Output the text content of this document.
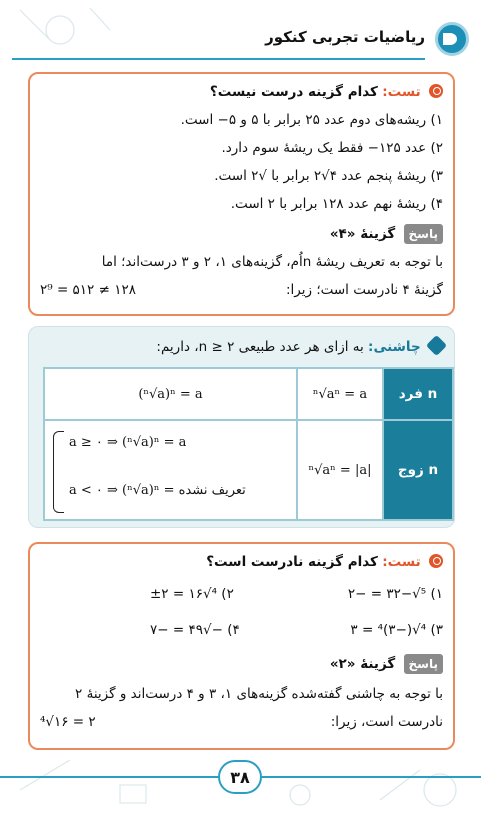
ریاضیات تجربی کنکور
تست: کدام گزینه درست نیست؟
۱) ریشه‌های دوم عدد ۲۵ برابر با ۵ و ۵− است.
۲) عدد ۱۲۵− فقط یک ریشهٔ سوم دارد.
۳) ریشهٔ پنجم عدد ۴√۲ برابر با √۲ است.
۴) ریشهٔ نهم عدد ۱۲۸ برابر با ۲ است.
پاسخ گزینهٔ «۴»
با توجه به تعریف ریشهٔ nاُم، گزینه‌های ۱، ۲ و ۳ درست‌اند؛ اما
گزینهٔ ۴ نادرست است؛ زیرا:
۲⁹ = ۵۱۲ ≠ ۱۲۸
چاشنی: به ازای هر عدد طبیعی n ≥ ۲، داریم:
n فرد
ⁿ√aⁿ = a
(ⁿ√a)ⁿ = a
n زوج
ⁿ√aⁿ = |a|
a ≥ ۰ ⇒ (ⁿ√a)ⁿ = a
a < ۰ ⇒ (ⁿ√a)ⁿ = تعریف نشده
تست: کدام گزینه نادرست است؟
۱) ⁵√−۳۲ = −۲
۲) ⁴√۱۶ = ±۲
۳) ⁴√(−۳)⁴ = ۳
۴) −√۴۹ = −۷
پاسخ گزینهٔ «۲»
با توجه به چاشنی گفته‌شده گزینه‌های ۱، ۳ و ۴ درست‌اند و گزینهٔ ۲
نادرست است، زیرا:
⁴√۱۶ = ۲
۳۸
